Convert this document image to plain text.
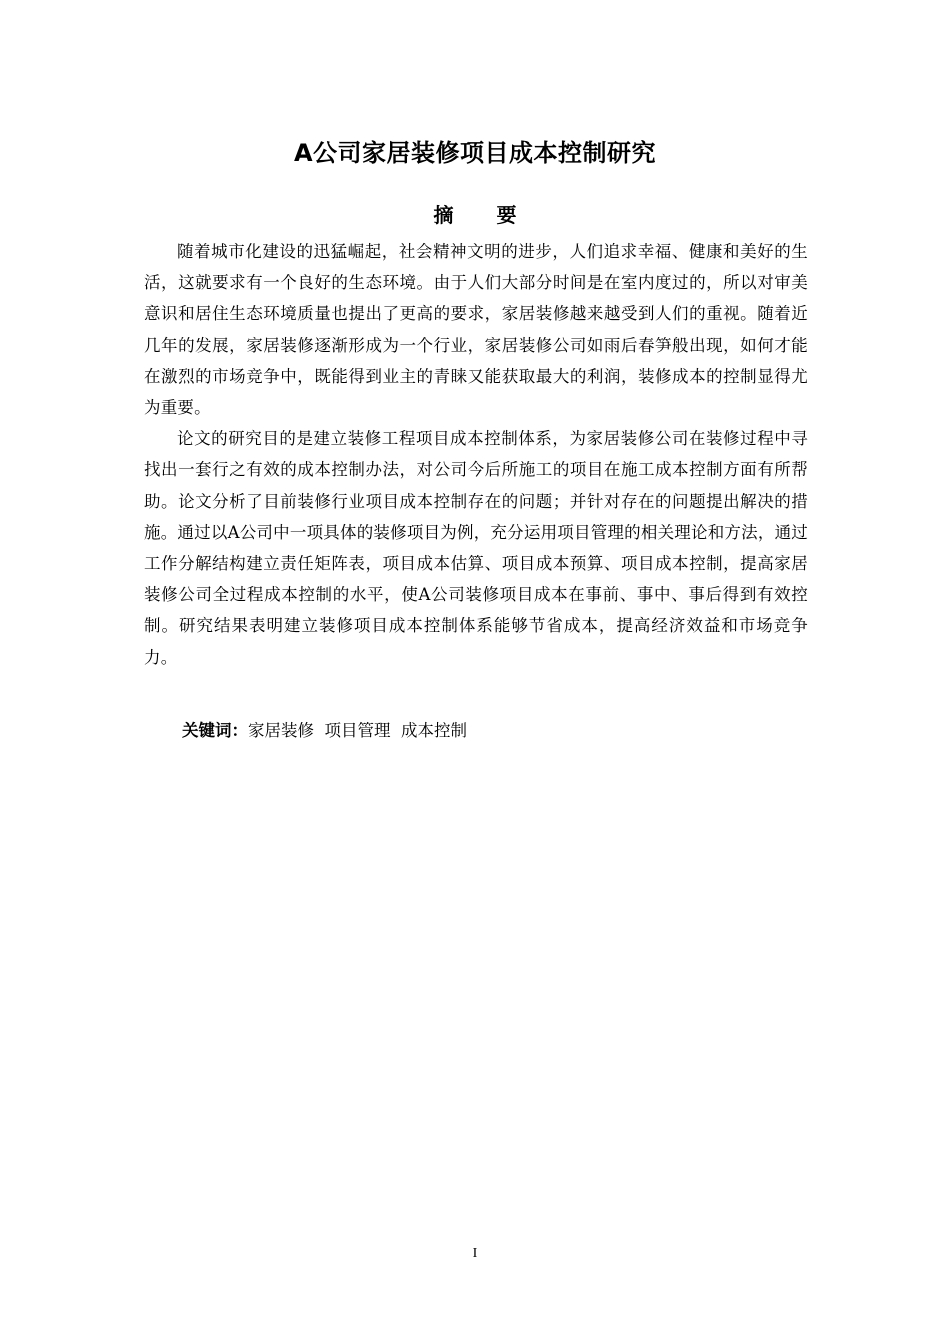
A公司家居装修项目成本控制研究
摘 要

随着城市化建设的迅猛崛起，社会精神文明的进步，人们追求幸福、健康和美好的生活，这就要求有一个良好的生态环境。由于人们大部分时间是在室内度过的，所以对审美意识和居住生态环境质量也提出了更高的要求，家居装修越来越受到人们的重视。随着近几年的发展，家居装修逐渐形成为一个行业，家居装修公司如雨后春笋般出现，如何才能在激烈的市场竞争中，既能得到业主的青睐又能获取最大的利润，装修成本的控制显得尤为重要。

论文的研究目的是建立装修工程项目成本控制体系，为家居装修公司在装修过程中寻找出一套行之有效的成本控制办法，对公司今后所施工的项目在施工成本控制方面有所帮助。论文分析了目前装修行业项目成本控制存在的问题；并针对存在的问题提出解决的措施。通过以A公司中一项具体的装修项目为例，充分运用项目管理的相关理论和方法，通过工作分解结构建立责任矩阵表，项目成本估算、项目成本预算、项目成本控制，提高家居装修公司全过程成本控制的水平，使A公司装修项目成本在事前、事中、事后得到有效控制。研究结果表明建立装修项目成本控制体系能够节省成本，提高经济效益和市场竞争力。

关键词：家居装修  项目管理  成本控制
I
